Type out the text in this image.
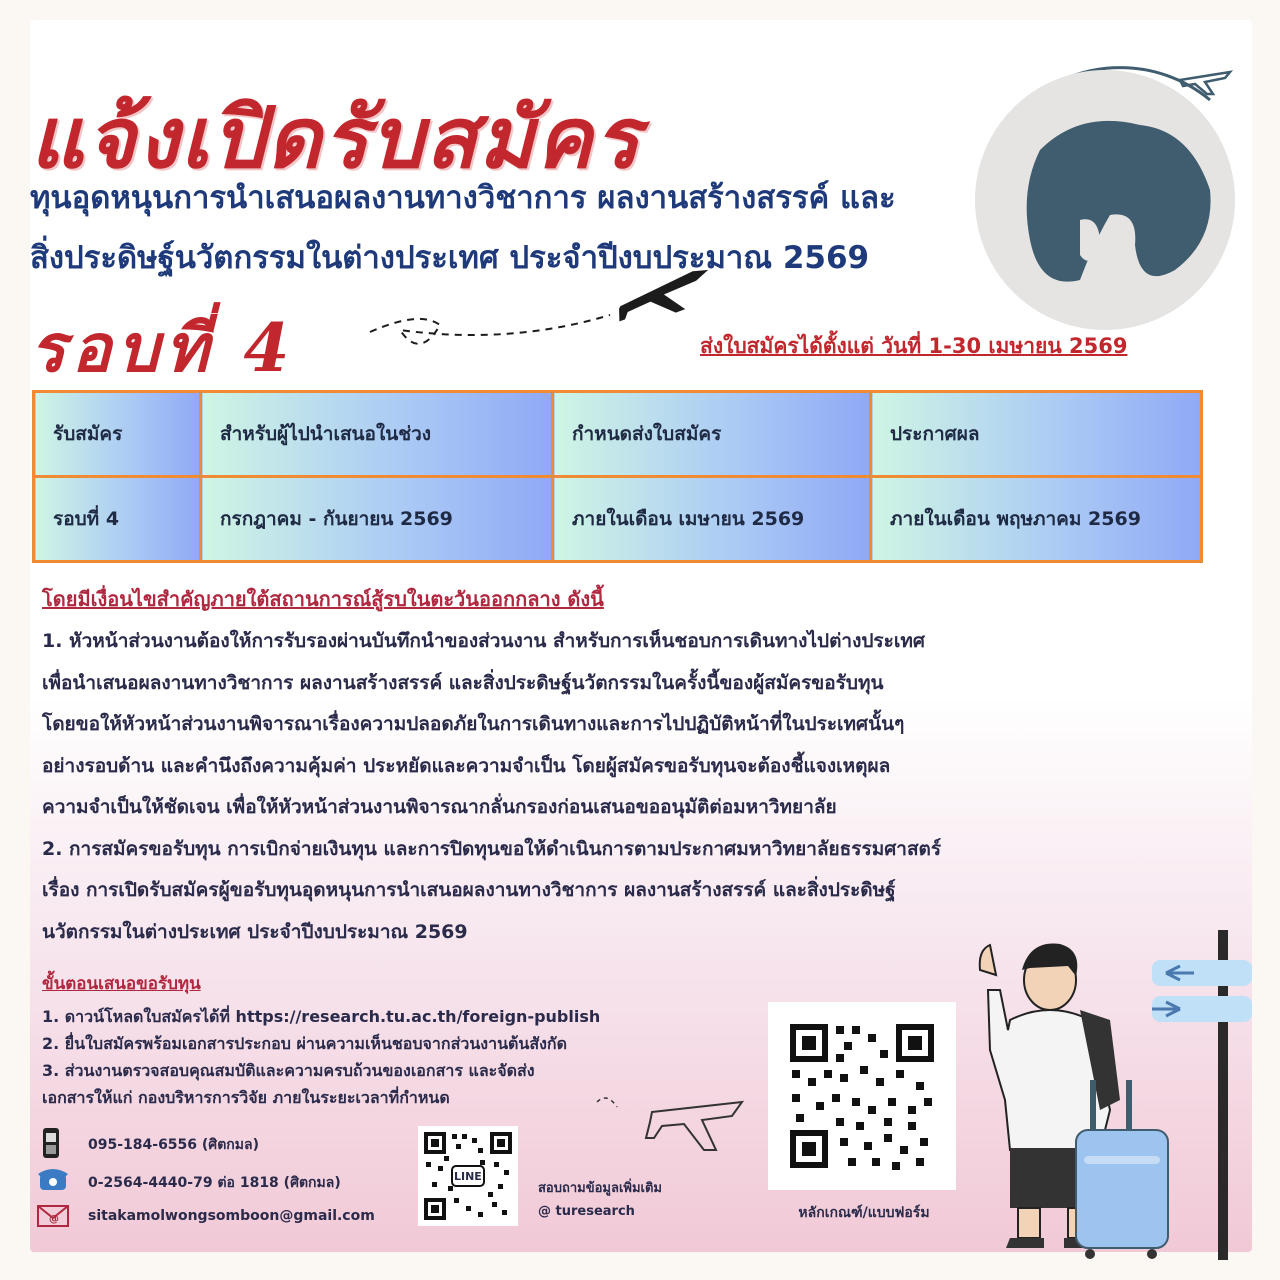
แจ้งเปิดรับสมัคร
ทุนอุดหนุนการนำเสนอผลงานทางวิชาการ ผลงานสร้างสรรค์ และ
สิ่งประดิษฐ์นวัตกรรมในต่างประเทศ ประจำปีงบประมาณ 2569
รอบที่ 4	ส่งใบสมัครได้ตั้งแต่ วันที่ 1-30 เมษายน 2569
รับสมัคร	สำหรับผู้ไปนำเสนอในช่วง	กำหนดส่งใบสมัคร	ประกาศผล
รอบที่ 4	กรกฎาคม - กันยายน 2569	ภายในเดือน เมษายน 2569	ภายในเดือน พฤษภาคม 2569

โดยมีเงื่อนไขสำคัญภายใต้สถานการณ์สู้รบในตะวันออกกลาง ดังนี้

1. หัวหน้าส่วนงานต้องให้การรับรองผ่านบันทึกนำของส่วนงาน สำหรับการเห็นชอบการเดินทางไปต่างประเทศ

เพื่อนำเสนอผลงานทางวิชาการ ผลงานสร้างสรรค์ และสิ่งประดิษฐ์นวัตกรรมในครั้งนี้ของผู้สมัครขอรับทุน

โดยขอให้หัวหน้าส่วนงานพิจารณาเรื่องความปลอดภัยในการเดินทางและการไปปฏิบัติหน้าที่ในประเทศนั้นๆ

อย่างรอบด้าน และคำนึงถึงความคุ้มค่า ประหยัดและความจำเป็น โดยผู้สมัครขอรับทุนจะต้องชี้แจงเหตุผล

ความจำเป็นให้ชัดเจน เพื่อให้หัวหน้าส่วนงานพิจารณากลั่นกรองก่อนเสนอขออนุมัติต่อมหาวิทยาลัย

2. การสมัครขอรับทุน การเบิกจ่ายเงินทุน และการปิดทุนขอให้ดำเนินการตามประกาศมหาวิทยาลัยธรรมศาสตร์

เรื่อง การเปิดรับสมัครผู้ขอรับทุนอุดหนุนการนำเสนอผลงานทางวิชาการ ผลงานสร้างสรรค์ และสิ่งประดิษฐ์

นวัตกรรมในต่างประเทศ ประจำปีงบประมาณ 2569

ขั้นตอนเสนอขอรับทุน

1. ดาวน์โหลดใบสมัครได้ที่ https://research.tu.ac.th/foreign-publish

2. ยื่นใบสมัครพร้อมเอกสารประกอบ ผ่านความเห็นชอบจากส่วนงานต้นสังกัด

3. ส่วนงานตรวจสอบคุณสมบัติและความครบถ้วนของเอกสาร และจัดส่ง

เอกสารให้แก่ กองบริหารการวิจัย ภายในระยะเวลาที่กำหนด

095-184-6556 (ศิตกมล)
0-2564-4440-79 ต่อ 1818 (ศิตกมล)
@ sitakamolwongsomboon@gmail.com
LINE
สอบถามข้อมูลเพิ่มเติม
@ turesearch	หลักเกณฑ์/แบบฟอร์ม
